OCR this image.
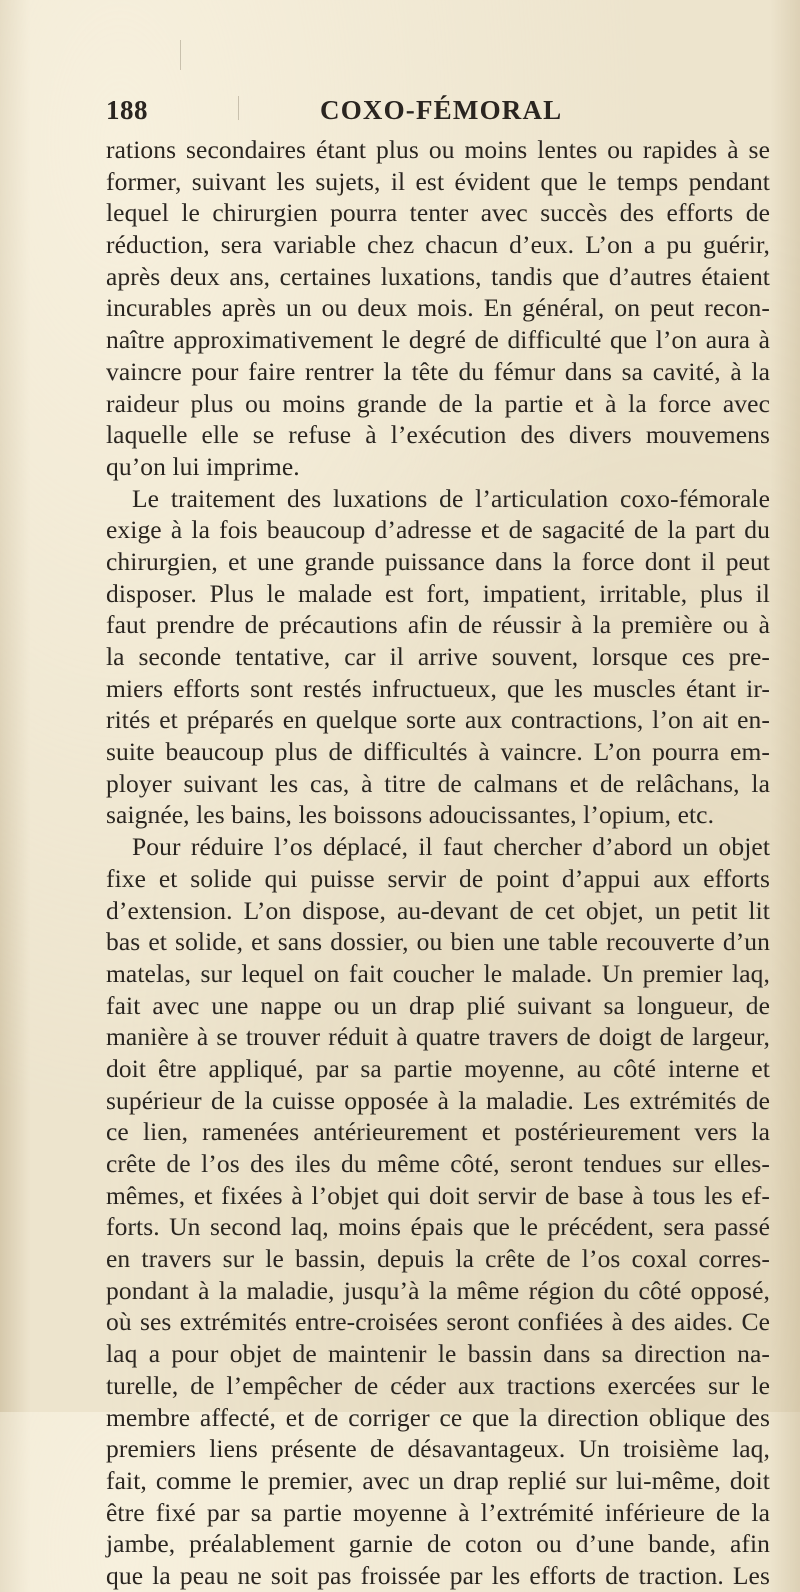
188	COXO-FÉMORAL
rations secondaires étant plus ou moins lentes ou rapides à se
former, suivant les sujets, il est évident que le temps pendant
lequel le chirurgien pourra tenter avec succès des efforts de
réduction, sera variable chez chacun d’eux. L’on a pu guérir,
après deux ans, certaines luxations, tandis que d’autres étaient
incurables après un ou deux mois. En général, on peut recon-
naître approximativement le degré de difficulté que l’on aura à
vaincre pour faire rentrer la tête du fémur dans sa cavité, à la
raideur plus ou moins grande de la partie et à la force avec
laquelle elle se refuse à l’exécution des divers mouvemens
qu’on lui imprime.
Le traitement des luxations de l’articulation coxo-fémorale
exige à la fois beaucoup d’adresse et de sagacité de la part du
chirurgien, et une grande puissance dans la force dont il peut
disposer. Plus le malade est fort, impatient, irritable, plus il
faut prendre de précautions afin de réussir à la première ou à
la seconde tentative, car il arrive souvent, lorsque ces pre-
miers efforts sont restés infructueux, que les muscles étant ir-
rités et préparés en quelque sorte aux contractions, l’on ait en-
suite beaucoup plus de difficultés à vaincre. L’on pourra em-
ployer suivant les cas, à titre de calmans et de relâchans, la
saignée, les bains, les boissons adoucissantes, l’opium, etc.
Pour réduire l’os déplacé, il faut chercher d’abord un objet
fixe et solide qui puisse servir de point d’appui aux efforts
d’extension. L’on dispose, au-devant de cet objet, un petit lit
bas et solide, et sans dossier, ou bien une table recouverte d’un
matelas, sur lequel on fait coucher le malade. Un premier laq,
fait avec une nappe ou un drap plié suivant sa longueur, de
manière à se trouver réduit à quatre travers de doigt de largeur,
doit être appliqué, par sa partie moyenne, au côté interne et
supérieur de la cuisse opposée à la maladie. Les extrémités de
ce lien, ramenées antérieurement et postérieurement vers la
crête de l’os des iles du même côté, seront tendues sur elles-
mêmes, et fixées à l’objet qui doit servir de base à tous les ef-
forts. Un second laq, moins épais que le précédent, sera passé
en travers sur le bassin, depuis la crête de l’os coxal corres-
pondant à la maladie, jusqu’à la même région du côté opposé,
où ses extrémités entre-croisées seront confiées à des aides. Ce
laq a pour objet de maintenir le bassin dans sa direction na-
turelle, de l’empêcher de céder aux tractions exercées sur le
membre affecté, et de corriger ce que la direction oblique des
premiers liens présente de désavantageux. Un troisième laq,
fait, comme le premier, avec un drap replié sur lui-même, doit
être fixé par sa partie moyenne à l’extrémité inférieure de la
jambe, préalablement garnie de coton ou d’une bande, afin
que la peau ne soit pas froissée par les efforts de traction. Les
